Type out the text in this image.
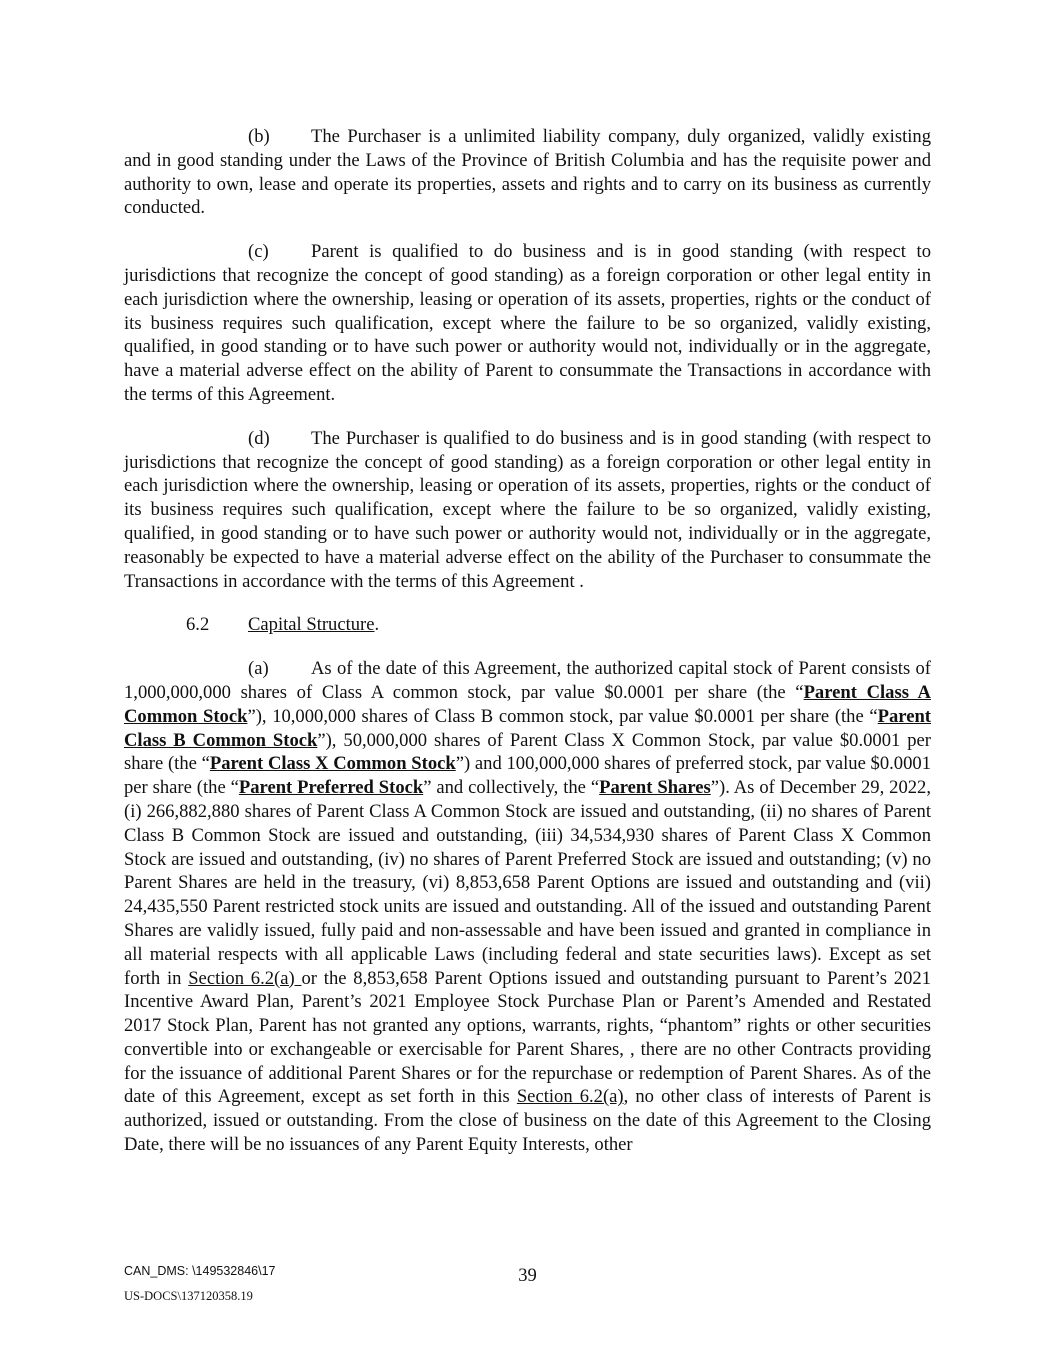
(b) The Purchaser is a unlimited liability company, duly organized, validly existing and in good standing under the Laws of the Province of British Columbia and has the requisite power and authority to own, lease and operate its properties, assets and rights and to carry on its business as currently conducted.

(c) Parent is qualified to do business and is in good standing (with respect to jurisdictions that recognize the concept of good standing) as a foreign corporation or other legal entity in each jurisdiction where the ownership, leasing or operation of its assets, properties, rights or the conduct of its business requires such qualification, except where the failure to be so organized, validly existing, qualified, in good standing or to have such power or authority would not, individually or in the aggregate, have a material adverse effect on the ability of Parent to consummate the Transactions in accordance with the terms of this Agreement.

(d) The Purchaser is qualified to do business and is in good standing (with respect to jurisdictions that recognize the concept of good standing) as a foreign corporation or other legal entity in each jurisdiction where the ownership, leasing or operation of its assets, properties, rights or the conduct of its business requires such qualification, except where the failure to be so organized, validly existing, qualified, in good standing or to have such power or authority would not, individually or in the aggregate, reasonably be expected to have a material adverse effect on the ability of the Purchaser to consummate the Transactions in accordance with the terms of this Agreement .

6.2 Capital Structure.

(a) As of the date of this Agreement, the authorized capital stock of Parent consists of 1,000,000,000 shares of Class A common stock, par value $0.0001 per share (the “Parent Class A Common Stock”), 10,000,000 shares of Class B common stock, par value $0.0001 per share (the “Parent Class B Common Stock”), 50,000,000 shares of Parent Class X Common Stock, par value $0.0001 per share (the “Parent Class X Common Stock”) and 100,000,000 shares of preferred stock, par value $0.0001 per share (the “Parent Preferred Stock” and collectively, the “Parent Shares”). As of December 29, 2022, (i) 266,882,880 shares of Parent Class A Common Stock are issued and outstanding, (ii) no shares of Parent Class B Common Stock are issued and outstanding, (iii) 34,534,930 shares of Parent Class X Common Stock are issued and outstanding, (iv) no shares of Parent Preferred Stock are issued and outstanding; (v) no Parent Shares are held in the treasury, (vi) 8,853,658 Parent Options are issued and outstanding and (vii) 24,435,550 Parent restricted stock units are issued and outstanding. All of the issued and outstanding Parent Shares are validly issued, fully paid and non-assessable and have been issued and granted in compliance in all material respects with all applicable Laws (including federal and state securities laws). Except as set forth in Section 6.2(a) or the 8,853,658 Parent Options issued and outstanding pursuant to Parent’s 2021 Incentive Award Plan, Parent’s 2021 Employee Stock Purchase Plan or Parent’s Amended and Restated 2017 Stock Plan, Parent has not granted any options, warrants, rights, “phantom” rights or other securities convertible into or exchangeable or exercisable for Parent Shares, , there are no other Contracts providing for the issuance of additional Parent Shares or for the repurchase or redemption of Parent Shares. As of the date of this Agreement, except as set forth in this Section 6.2(a), no other class of interests of Parent is authorized, issued or outstanding. From the close of business on the date of this Agreement to the Closing Date, there will be no issuances of any Parent Equity Interests, other

CAN_DMS: \149532846\17
US-DOCS\137120358.19
39
